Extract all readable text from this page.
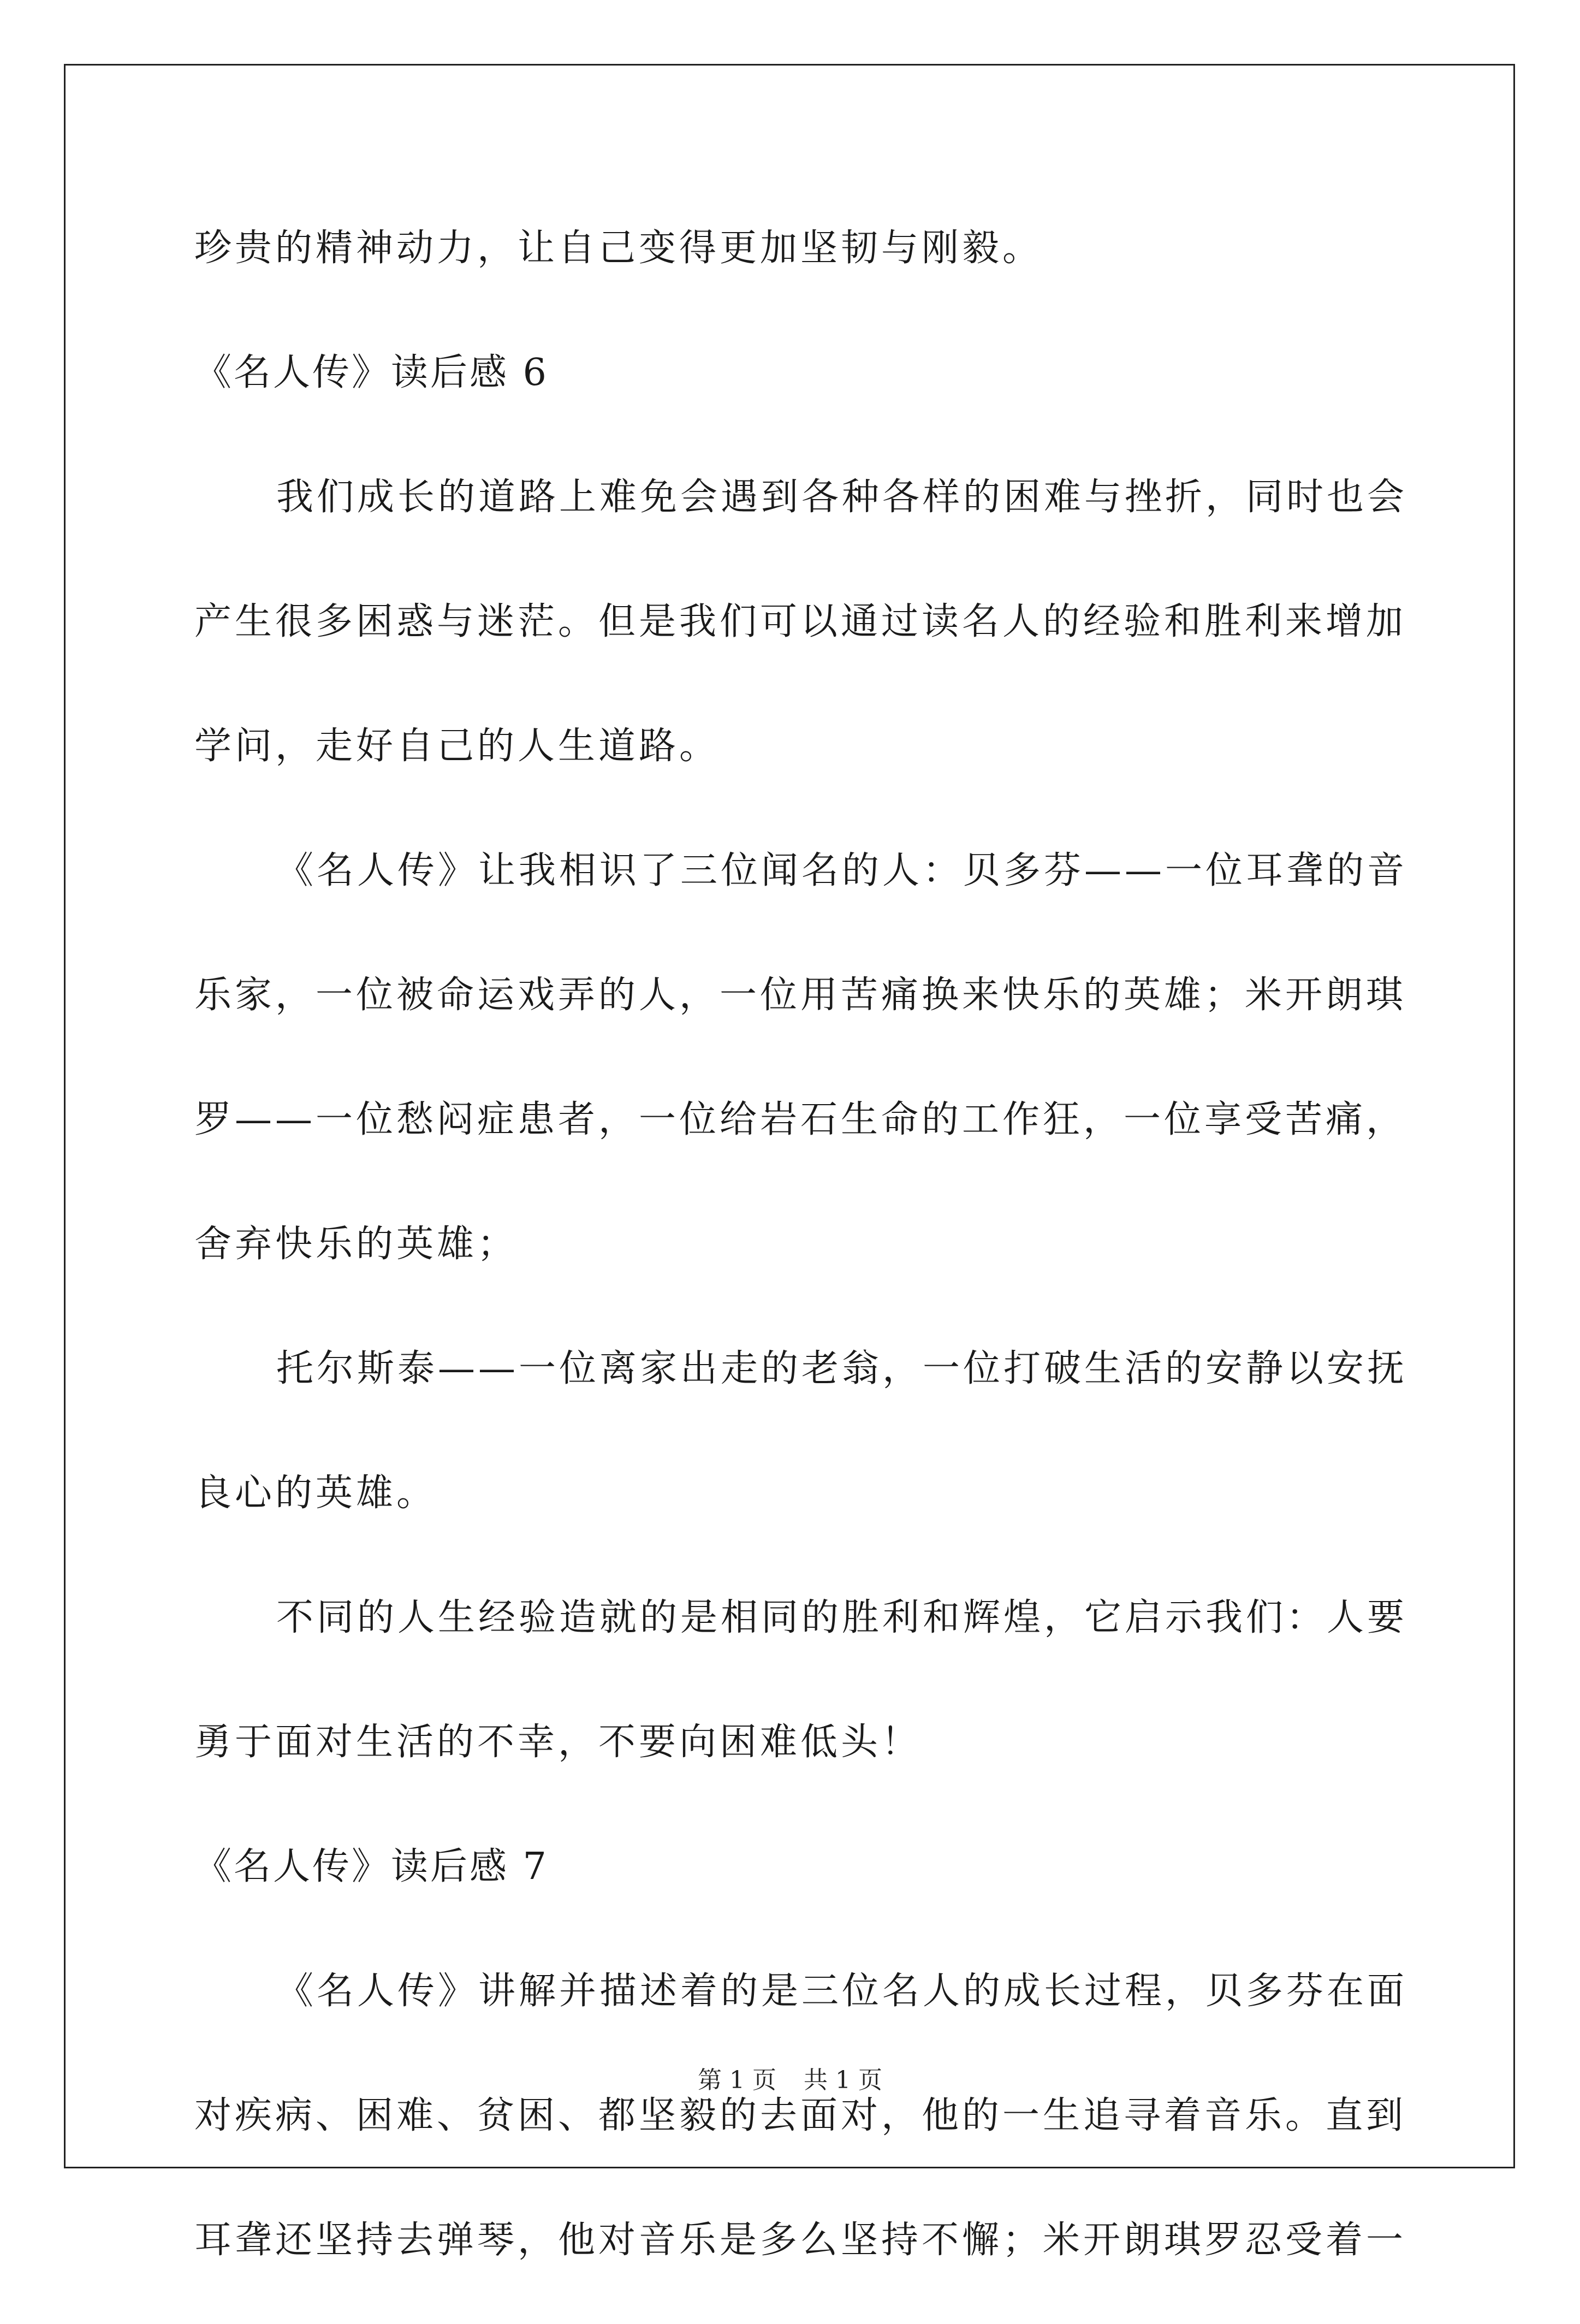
珍贵的精神动力，让自己变得更加坚韧与刚毅。
《名人传》读后感 6
我们成长的道路上难免会遇到各种各样的困难与挫折，同时也会
产生很多困惑与迷茫。但是我们可以通过读名人的经验和胜利来增加
学问，走好自己的人生道路。
《名人传》让我相识了三位闻名的人：贝多芬——一位耳聋的音
乐家，一位被命运戏弄的人，一位用苦痛换来快乐的英雄；米开朗琪
罗——一位愁闷症患者，一位给岩石生命的工作狂，一位享受苦痛，
舍弃快乐的英雄；
托尔斯泰——一位离家出走的老翁，一位打破生活的安静以安抚
良心的英雄。
不同的人生经验造就的是相同的胜利和辉煌，它启示我们：人要
勇于面对生活的不幸，不要向困难低头！
《名人传》读后感 7
《名人传》讲解并描述着的是三位名人的成长过程，贝多芬在面
对疾病、困难、贫困、都坚毅的去面对，他的一生追寻着音乐。直到
耳聋还坚持去弹琴，他对音乐是多么坚持不懈；米开朗琪罗忍受着一
第 1 页 共 1 页
